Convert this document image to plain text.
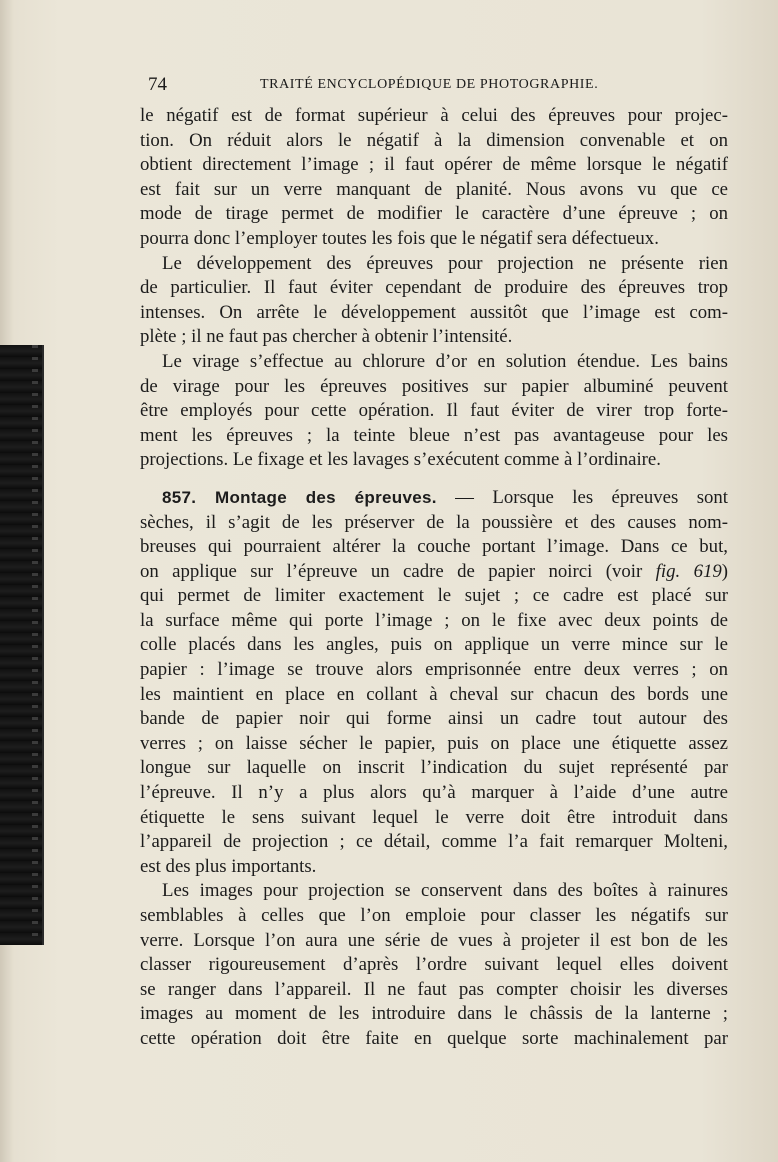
74	TRAITÉ ENCYCLOPÉDIQUE DE PHOTOGRAPHIE.

le négatif est de format supérieur à celui des épreuves pour projec-
tion. On réduit alors le négatif à la dimension convenable et on
obtient directement l’image ; il faut opérer de même lorsque le négatif
est fait sur un verre manquant de planité. Nous avons vu que ce
mode de tirage permet de modifier le caractère d’une épreuve ; on
pourra donc l’employer toutes les fois que le négatif sera défectueux.

Le développement des épreuves pour projection ne présente rien
de particulier. Il faut éviter cependant de produire des épreuves trop
intenses. On arrête le développement aussitôt que l’image est com-
plète ; il ne faut pas chercher à obtenir l’intensité.

Le virage s’effectue au chlorure d’or en solution étendue. Les bains
de virage pour les épreuves positives sur papier albuminé peuvent
être employés pour cette opération. Il faut éviter de virer trop forte-
ment les épreuves ; la teinte bleue n’est pas avantageuse pour les
projections. Le fixage et les lavages s’exécutent comme à l’ordinaire.

857. Montage des épreuves. — Lorsque les épreuves sont
sèches, il s’agit de les préserver de la poussière et des causes nom-
breuses qui pourraient altérer la couche portant l’image. Dans ce but,
on applique sur l’épreuve un cadre de papier noirci (voir fig. 619)
qui permet de limiter exactement le sujet ; ce cadre est placé sur
la surface même qui porte l’image ; on le fixe avec deux points de
colle placés dans les angles, puis on applique un verre mince sur le
papier : l’image se trouve alors emprisonnée entre deux verres ; on
les maintient en place en collant à cheval sur chacun des bords une
bande de papier noir qui forme ainsi un cadre tout autour des
verres ; on laisse sécher le papier, puis on place une étiquette assez
longue sur laquelle on inscrit l’indication du sujet représenté par
l’épreuve. Il n’y a plus alors qu’à marquer à l’aide d’une autre
étiquette le sens suivant lequel le verre doit être introduit dans
l’appareil de projection ; ce détail, comme l’a fait remarquer Molteni,
est des plus importants.

Les images pour projection se conservent dans des boîtes à rainures
semblables à celles que l’on emploie pour classer les négatifs sur
verre. Lorsque l’on aura une série de vues à projeter il est bon de les
classer rigoureusement d’après l’ordre suivant lequel elles doivent
se ranger dans l’appareil. Il ne faut pas compter choisir les diverses
images au moment de les introduire dans le châssis de la lanterne ;
cette opération doit être faite en quelque sorte machinalement par
